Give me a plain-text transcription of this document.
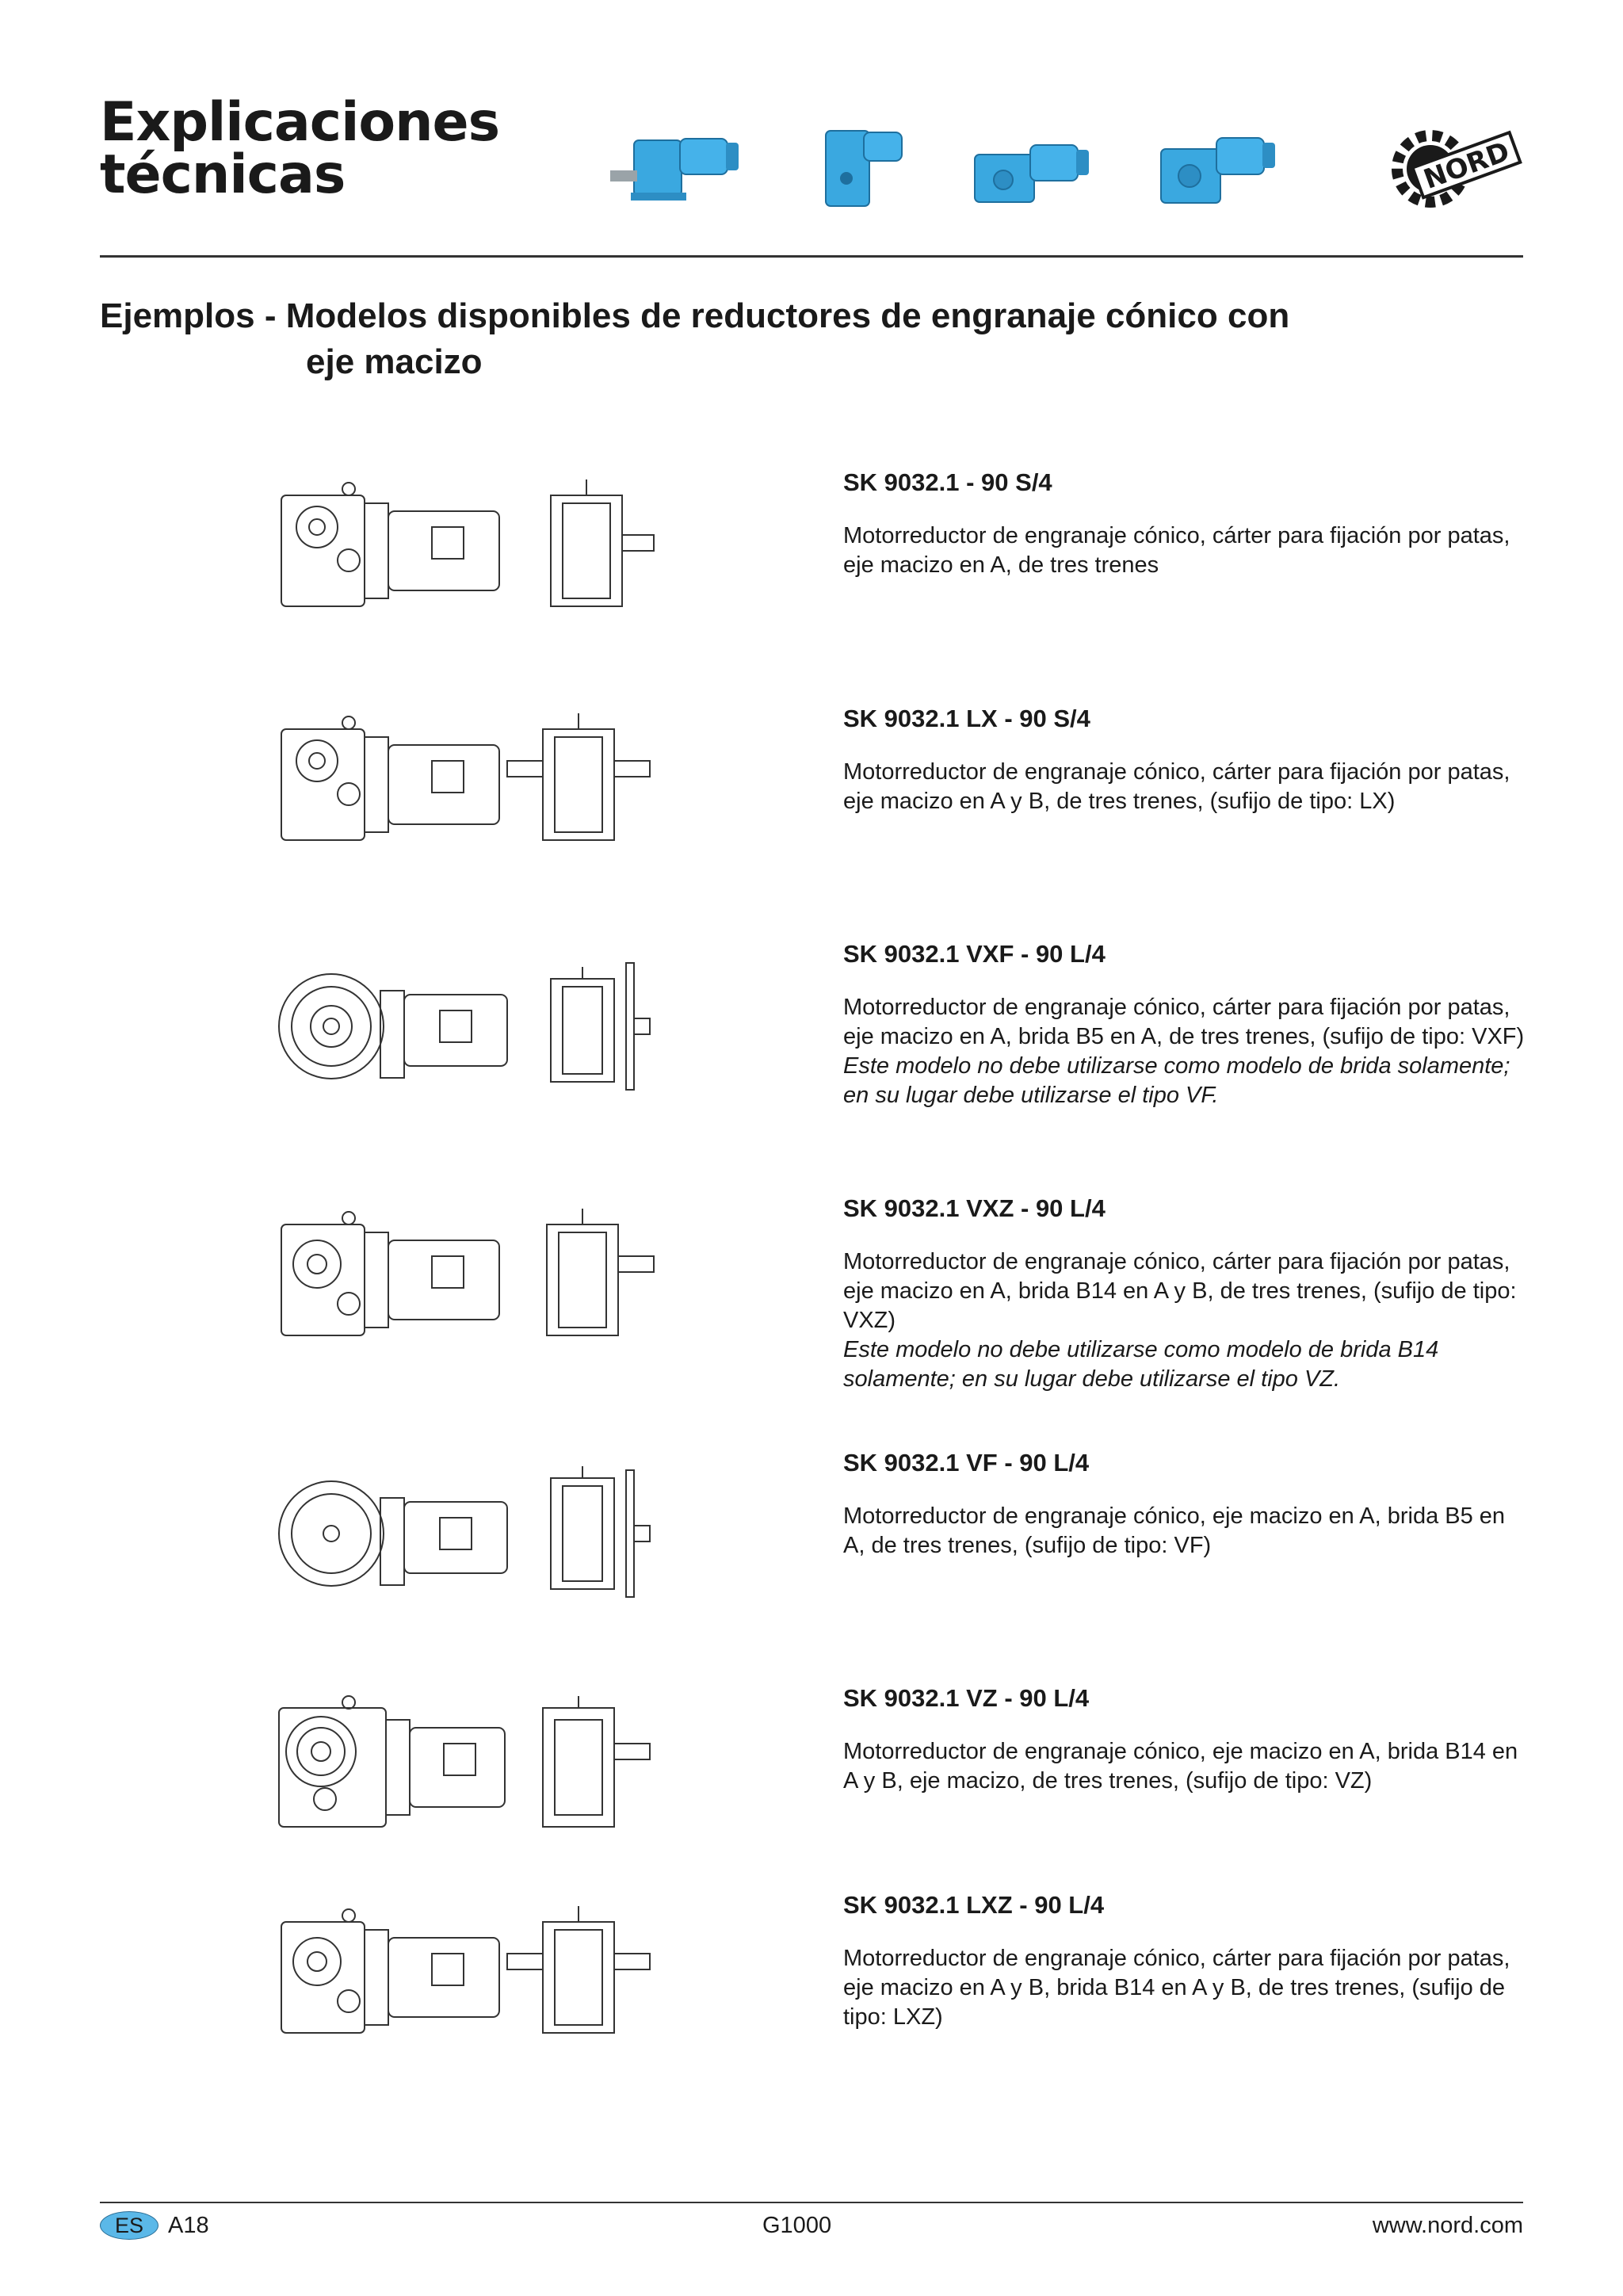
Explicaciones
técnicas	NORD
Ejemplos - Modelos disponibles de reductores de engranaje cónico con
eje macizo

SK 9032.1 - 90 S/4

Motorreductor de engranaje cónico, cárter para fijación por patas, eje macizo en A, de tres trenes

SK 9032.1 LX - 90 S/4

Motorreductor de engranaje cónico, cárter para fijación por patas, eje macizo en A y B, de tres trenes, (sufijo de tipo: LX)

SK 9032.1 VXF - 90 L/4

Motorreductor de engranaje cónico, cárter para fijación por patas, eje macizo en A, brida B5 en A, de tres trenes, (sufijo de tipo: VXF)

Este modelo no debe utilizarse como modelo de brida solamente; en su lugar debe utilizarse el tipo VF.

SK 9032.1 VXZ - 90 L/4

Motorreductor de engranaje cónico, cárter para fijación por patas, eje macizo en A, brida B14 en A y B, de tres trenes, (sufijo de tipo: VXZ)

Este modelo no debe utilizarse como modelo de brida B14 solamente; en su lugar debe utilizarse el tipo VZ.

SK 9032.1 VF - 90 L/4

Motorreductor de engranaje cónico, eje macizo en A, brida B5 en A, de tres trenes, (sufijo de tipo: VF)

SK 9032.1 VZ - 90 L/4

Motorreductor de engranaje cónico, eje macizo en A, brida B14 en A y B, eje macizo, de tres trenes, (sufijo de tipo: VZ)

SK 9032.1 LXZ - 90 L/4

Motorreductor de engranaje cónico, cárter para fijación por patas, eje macizo en A y B, brida B14 en A y B, de tres trenes, (sufijo de tipo: LXZ)

ES	A18	G1000	www.nord.com
